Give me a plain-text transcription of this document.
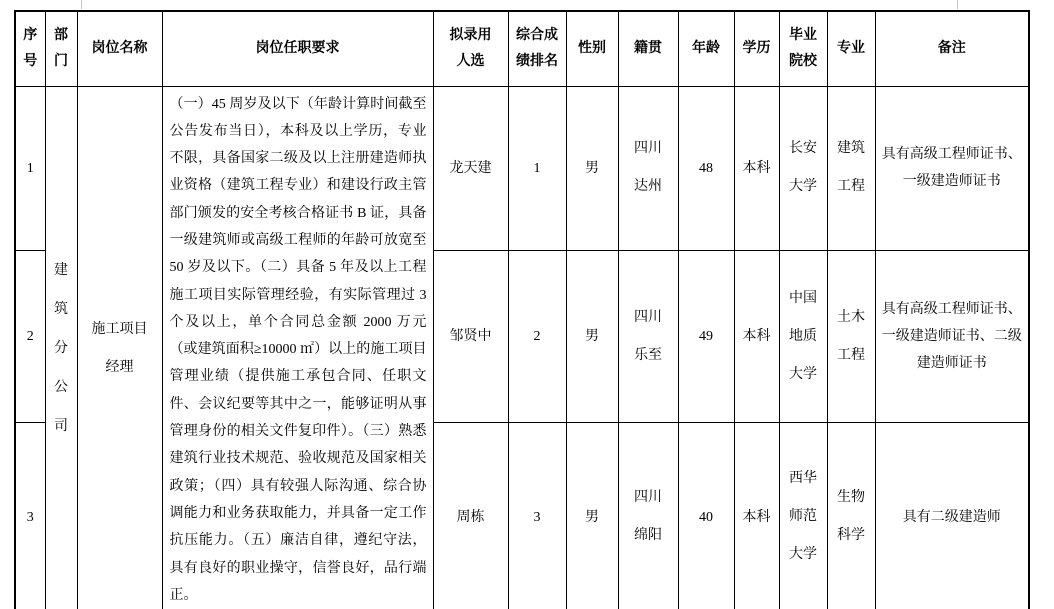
序号	部门	岗位名称	岗位任职要求	拟录用人选	综合成绩排名	性别	籍贯	年龄	学历	毕业院校	专业	备注
1	建筑分公司	施工项目经理	（一）45 周岁及以下（年龄计算时间截至公告发布当日），本科及以上学历，专业不限，具备国家二级及以上注册建造师执业资格（建筑工程专业）和建设行政主管部门颁发的安全考核合格证书 B 证，具备一级建筑师或高级工程师的年龄可放宽至 50 岁及以下。（二）具备 5 年及以上工程施工项目实际管理经验，有实际管理过 3 个及以上，单个合同总金额 2000 万元（或建筑面积≥10000 ㎡）以上的施工项目管理业绩（提供施工承包合同、任职文件、会议纪要等其中之一，能够证明从事管理身份的相关文件复印件）。（三）熟悉建筑行业技术规范、验收规范及国家相关政策；（四）具有较强人际沟通、综合协调能力和业务获取能力，并具备一定工作抗压能力。（五）廉洁自律，遵纪守法，具有良好的职业操守，信誉良好，品行端正。	龙天建	1	男	四川达州	48	本科	长安大学	建筑工程	具有高级工程师证书、一级建造师证书
2				邹贤中	2	男	四川乐至	49	本科	中国地质大学	土木工程	具有高级工程师证书、一级建造师证书、二级建造师证书
3				周栋	3	男	四川绵阳	40	本科	西华师范大学	生物科学	具有二级建造师
